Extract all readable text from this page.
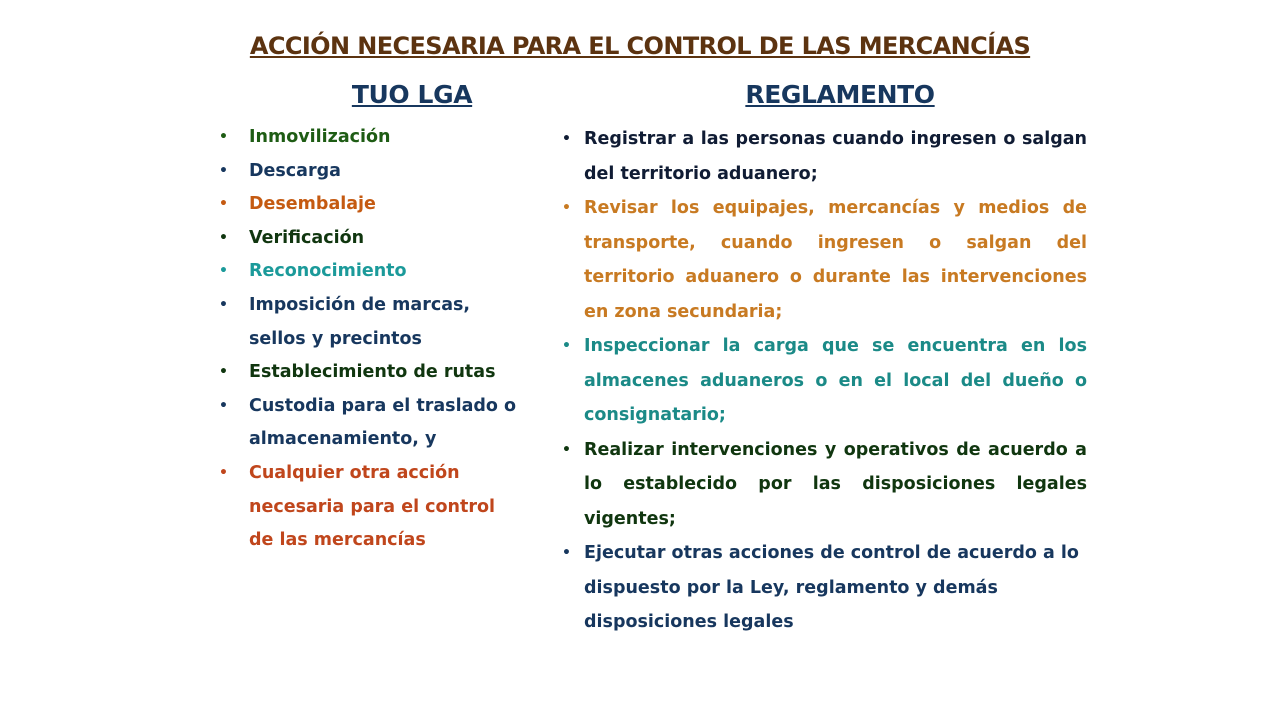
ACCIÓN NECESARIA PARA EL CONTROL DE LAS MERCANCÍAS
TUO LGA	REGLAMENTO
• Inmovilización
• Descarga
• Desembalaje
• Verificación
• Reconocimiento
• Imposición de marcas, sellos y precintos
• Establecimiento de rutas
• Custodia para el traslado o almacenamiento, y
• Cualquier otra acción necesaria para el control de las mercancías
• Registrar a las personas cuando ingresen o salgan del territorio aduanero;
• Revisar los equipajes, mercancías y medios de transporte, cuando ingresen o salgan del territorio aduanero o durante las intervenciones en zona secundaria;
• Inspeccionar la carga que se encuentra en los almacenes aduaneros o en el local del dueño o consignatario;
• Realizar intervenciones y operativos de acuerdo a lo establecido por las disposiciones legales vigentes;
• Ejecutar otras acciones de control de acuerdo a lo dispuesto por la Ley, reglamento y demás disposiciones legales
